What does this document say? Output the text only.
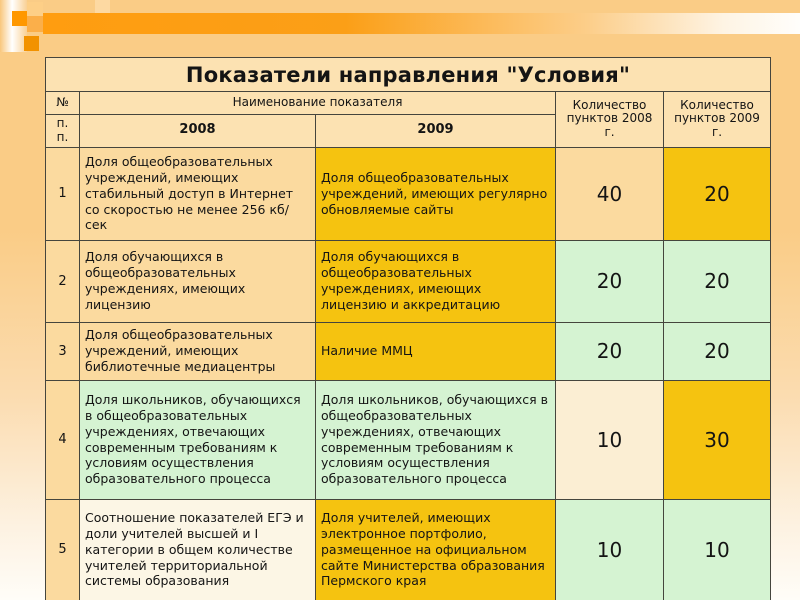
Показатели направления "Условия"				
№	Наименование показателя		Количество пунктов 2008 г.	Количество пунктов 2009 г.
п. п.	2008	2009		
1	Доля общеобразовательных учреждений, имеющих стабильный доступ в Интернет со скоростью не менее 256 кб/сек	Доля общеобразовательных учреждений, имеющих регулярно обновляемые сайты	40	20
2	Доля обучающихся в общеобразовательных учреждениях, имеющих лицензию	Доля обучающихся в общеобразовательных учреждениях, имеющих лицензию и аккредитацию	20	20
3	Доля общеобразовательных учреждений, имеющих библиотечные медиацентры	Наличие ММЦ	20	20
4	Доля школьников, обучающихся в общеобразовательных учреждениях, отвечающих современным требованиям к условиям осуществления образовательного процесса	Доля школьников, обучающихся в общеобразовательных учреждениях, отвечающих современным требованиям к условиям осуществления образовательного процесса	10	30
5	Соотношение показателей ЕГЭ и доли учителей высшей и I категории в общем количестве учителей территориальной системы образования	Доля учителей, имеющих электронное портфолио, размещенное на официальном сайте Министерства образования Пермского края	10	10
